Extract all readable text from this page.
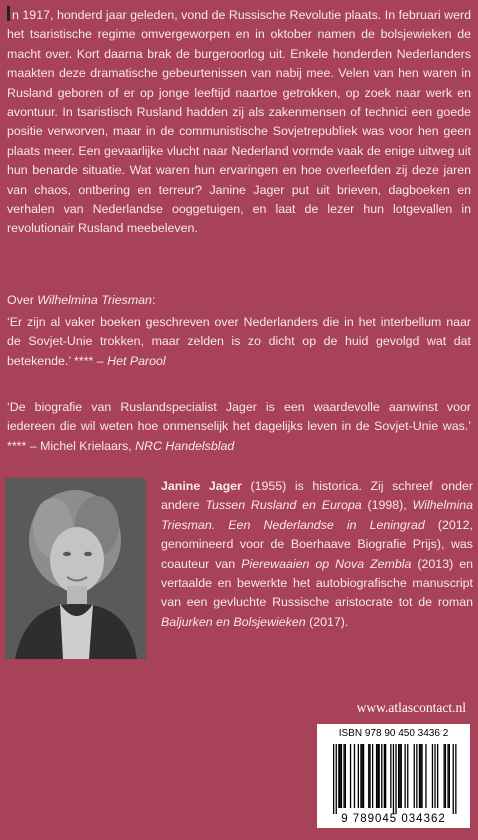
n 1917, honderd jaar geleden, vond de Russische Revolutie plaats. In februari werd het tsaristische regime omvergeworpen en in oktober namen de bolsjewieken de macht over. Kort daarna brak de burgeroorlog uit. Enkele honderden Nederlanders maakten deze dramatische gebeurtenissen van nabij mee. Velen van hen waren in Rusland geboren of er op jonge leeftijd naartoe getrokken, op zoek naar werk en avontuur. In tsaristisch Rusland hadden zij als zakenmensen of technici een goede positie verworven, maar in de communistische Sovjetrepubliek was voor hen geen plaats meer. Een gevaarlijke vlucht naar Nederland vormde vaak de enige uitweg uit hun benarde situatie. Wat waren hun ervaringen en hoe overleefden zij deze jaren van chaos, ontbering en terreur? Janine Jager put uit brieven, dagboeken en verhalen van Nederlandse ooggetuigen, en laat de lezer hun lotgevallen in revolutionair Rusland meebeleven.

Over Wilhelmina Triesman:

‘Er zijn al vaker boeken geschreven over Nederlanders die in het interbellum naar de Sovjet-Unie trokken, maar zelden is zo dicht op de huid gevolgd wat dat betekende.’ **** – Het Parool

‘De biografie van Ruslandspecialist Jager is een waardevolle aanwinst voor iedereen die wil weten hoe onmenselijk het dagelijks leven in de Sovjet-Unie was.’ **** – Michel Krielaars, NRC Handelsblad

Janine Jager (1955) is historica. Zij schreef onder andere Tussen Rusland en Europa (1998), Wilhelmina Triesman. Een Nederlandse in Leningrad (2012, genomineerd voor de Boerhaave Biografie Prijs), was coauteur van Pierewaaien op Nova Zembla (2013) en vertaalde en bewerkte het autobiografische manuscript van een gevluchte Russische aristocrate tot de roman Baljurken en Bolsjewieken (2017).

www.atlascontact.nl

ISBN 978 90 450 3436 2

9 789045 034362
